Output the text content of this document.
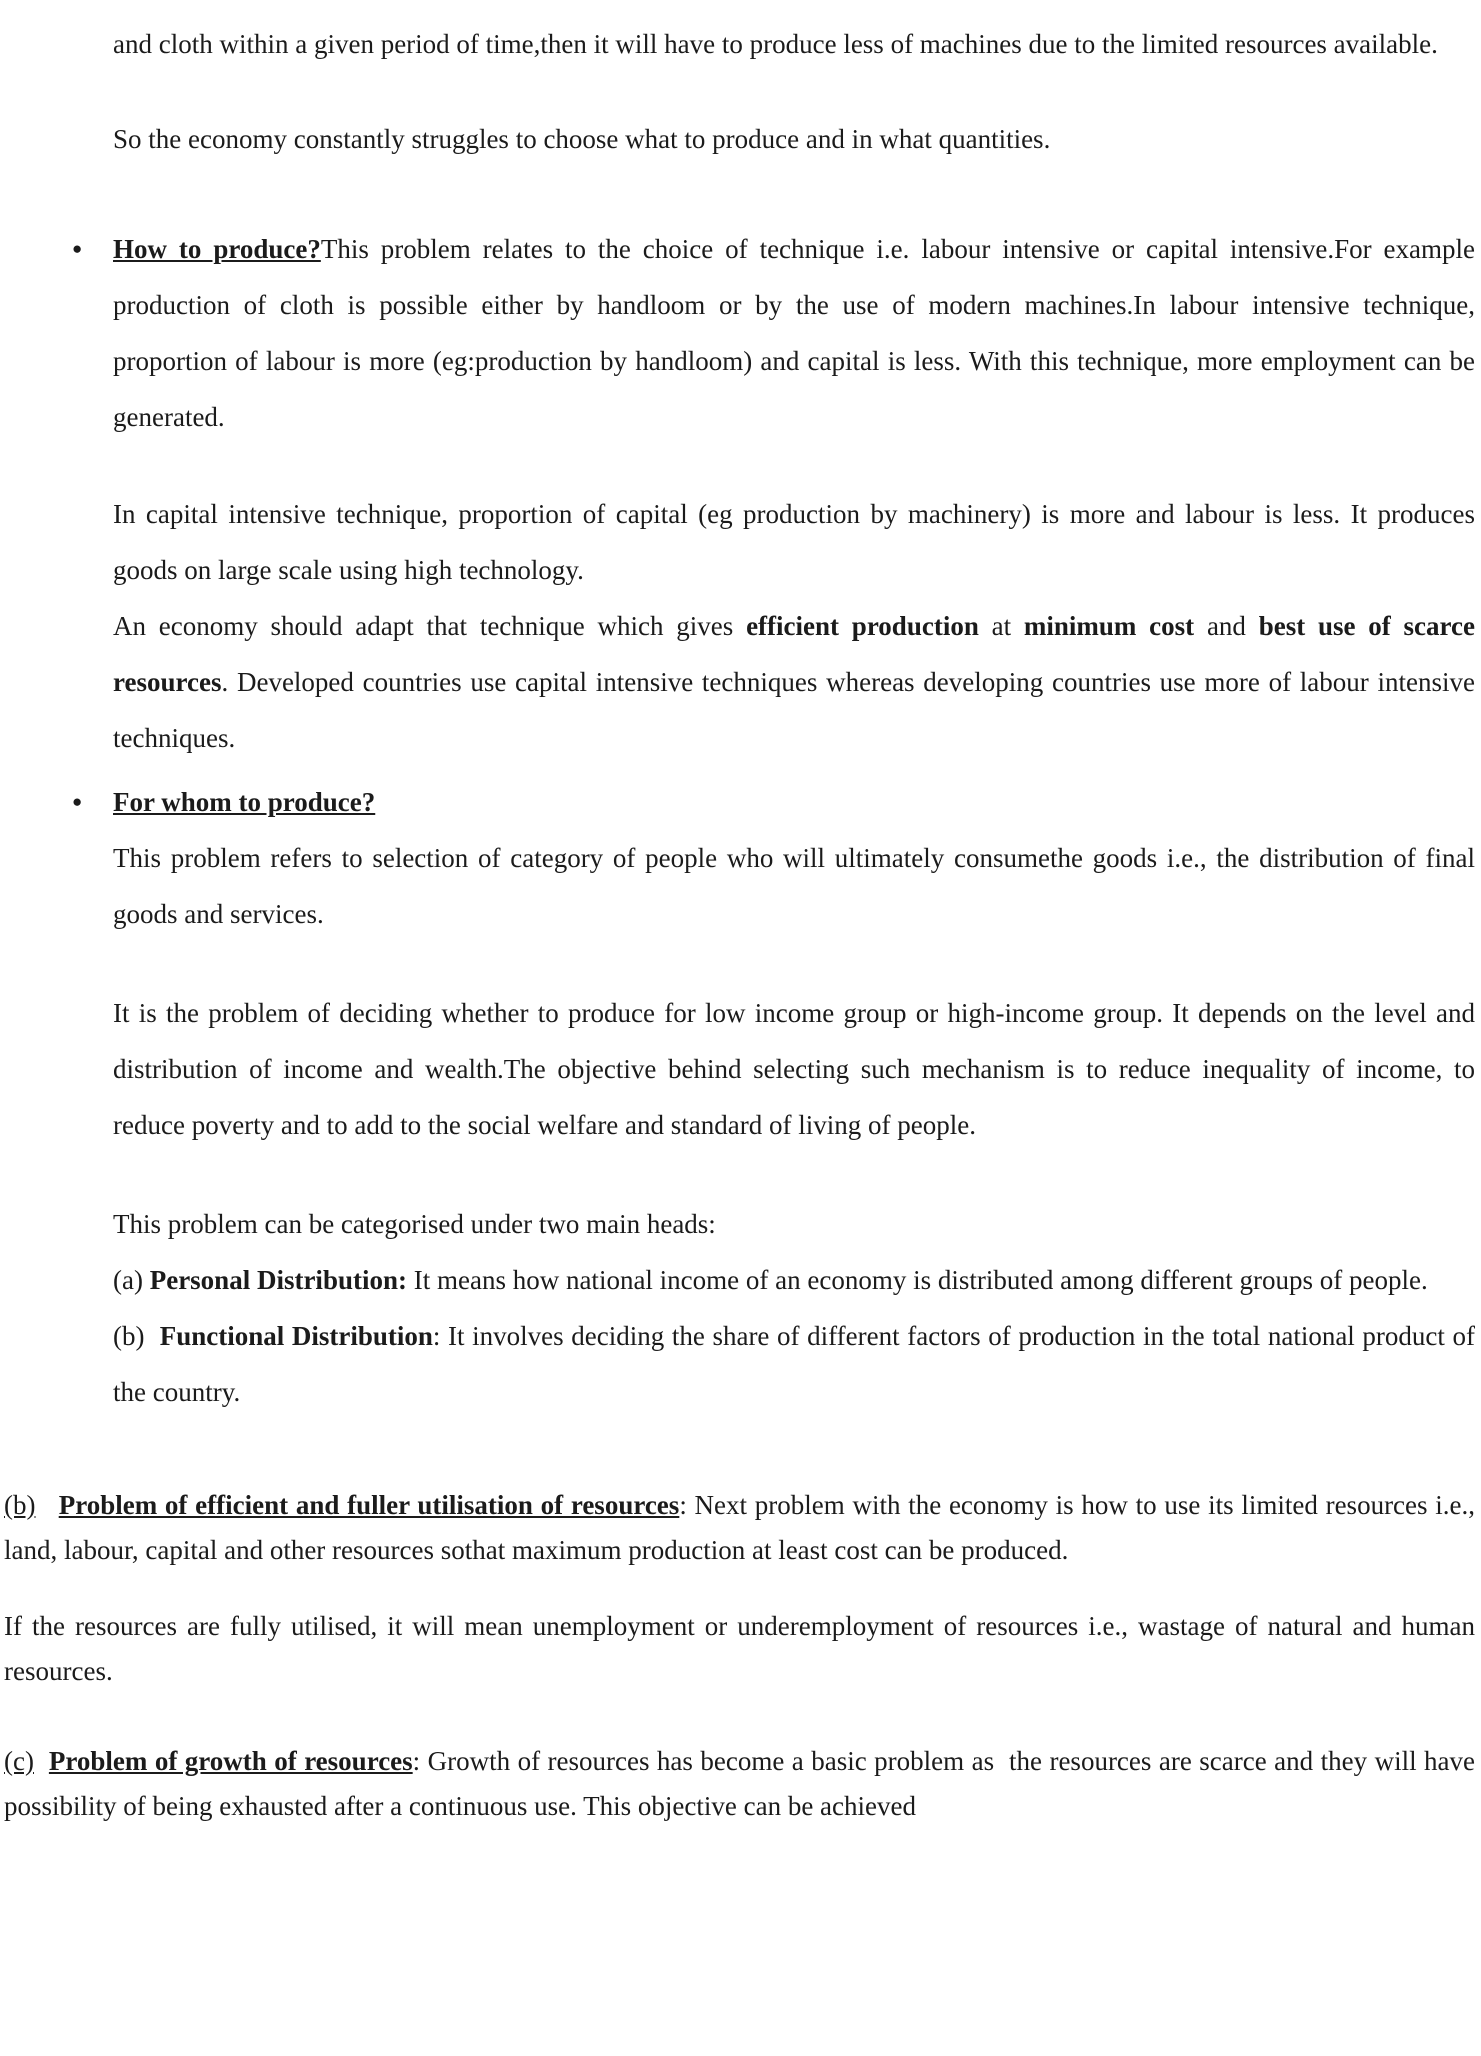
and cloth within a given period of time,then it will have to produce less of machines due to the limited resources available.
So the economy constantly struggles to choose what to produce and in what quantities.
● How to produce?This problem relates to the choice of technique i.e. labour intensive or capital intensive.For example production of cloth is possible either by handloom or by the use of modern machines.In labour intensive technique, proportion of labour is more (eg:production by handloom) and capital is less. With this technique, more employment can be generated.
In capital intensive technique, proportion of capital (eg production by machinery) is more and labour is less. It produces goods on large scale using high technology.
An economy should adapt that technique which gives efficient production at minimum cost and best use of scarce resources. Developed countries use capital intensive techniques whereas developing countries use more of labour intensive techniques.
● For whom to produce?
This problem refers to selection of category of people who will ultimately consumethe goods i.e., the distribution of final goods and services.
It is the problem of deciding whether to produce for low income group or high-income group. It depends on the level and distribution of income and wealth.The objective behind selecting such mechanism is to reduce inequality of income, to reduce poverty and to add to the social welfare and standard of living of people.
This problem can be categorised under two main heads:
(a) Personal Distribution: It means how national income of an economy is distributed among different groups of people.
(b)  Functional Distribution: It involves deciding the share of different factors of production in the total national product of the country.
(b) Problem of efficient and fuller utilisation of resources: Next problem with the economy is how to use its limited resources i.e., land, labour, capital and other resources sothat maximum production at least cost can be produced.
If the resources are fully utilised, it will mean unemployment or underemployment of resources i.e., wastage of natural and human resources.
(c) Problem of growth of resources: Growth of resources has become a basic problem as  the resources are scarce and they will have possibility of being exhausted after a continuous use. This objective can be achieved
